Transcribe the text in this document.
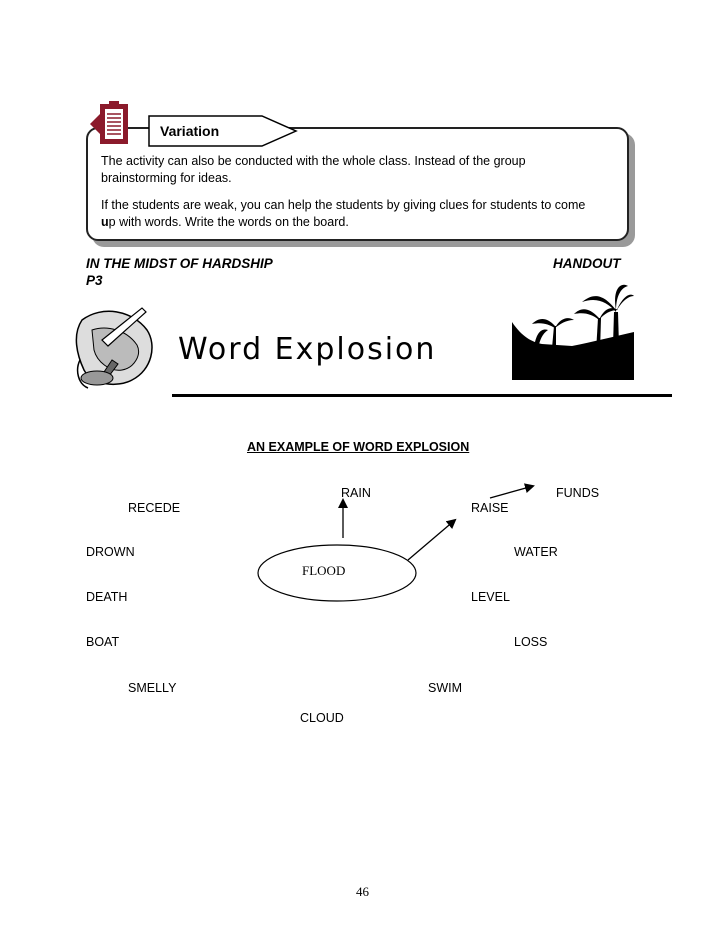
Variation
The activity can also be conducted with the whole class. Instead of the group
brainstorming for ideas.
If the students are weak, you can help the students by giving clues for students to come
up with words. Write the words on the board.
IN THE MIDST OF HARDSHIP	HANDOUT
P3
Word Explosion
AN EXAMPLE OF WORD EXPLOSION
FLOOD
RAIN	FUNDS
RECEDE	RAISE
DROWN	WATER
DEATH	LEVEL
BOAT	LOSS
SMELLY	SWIM
CLOUD
46
